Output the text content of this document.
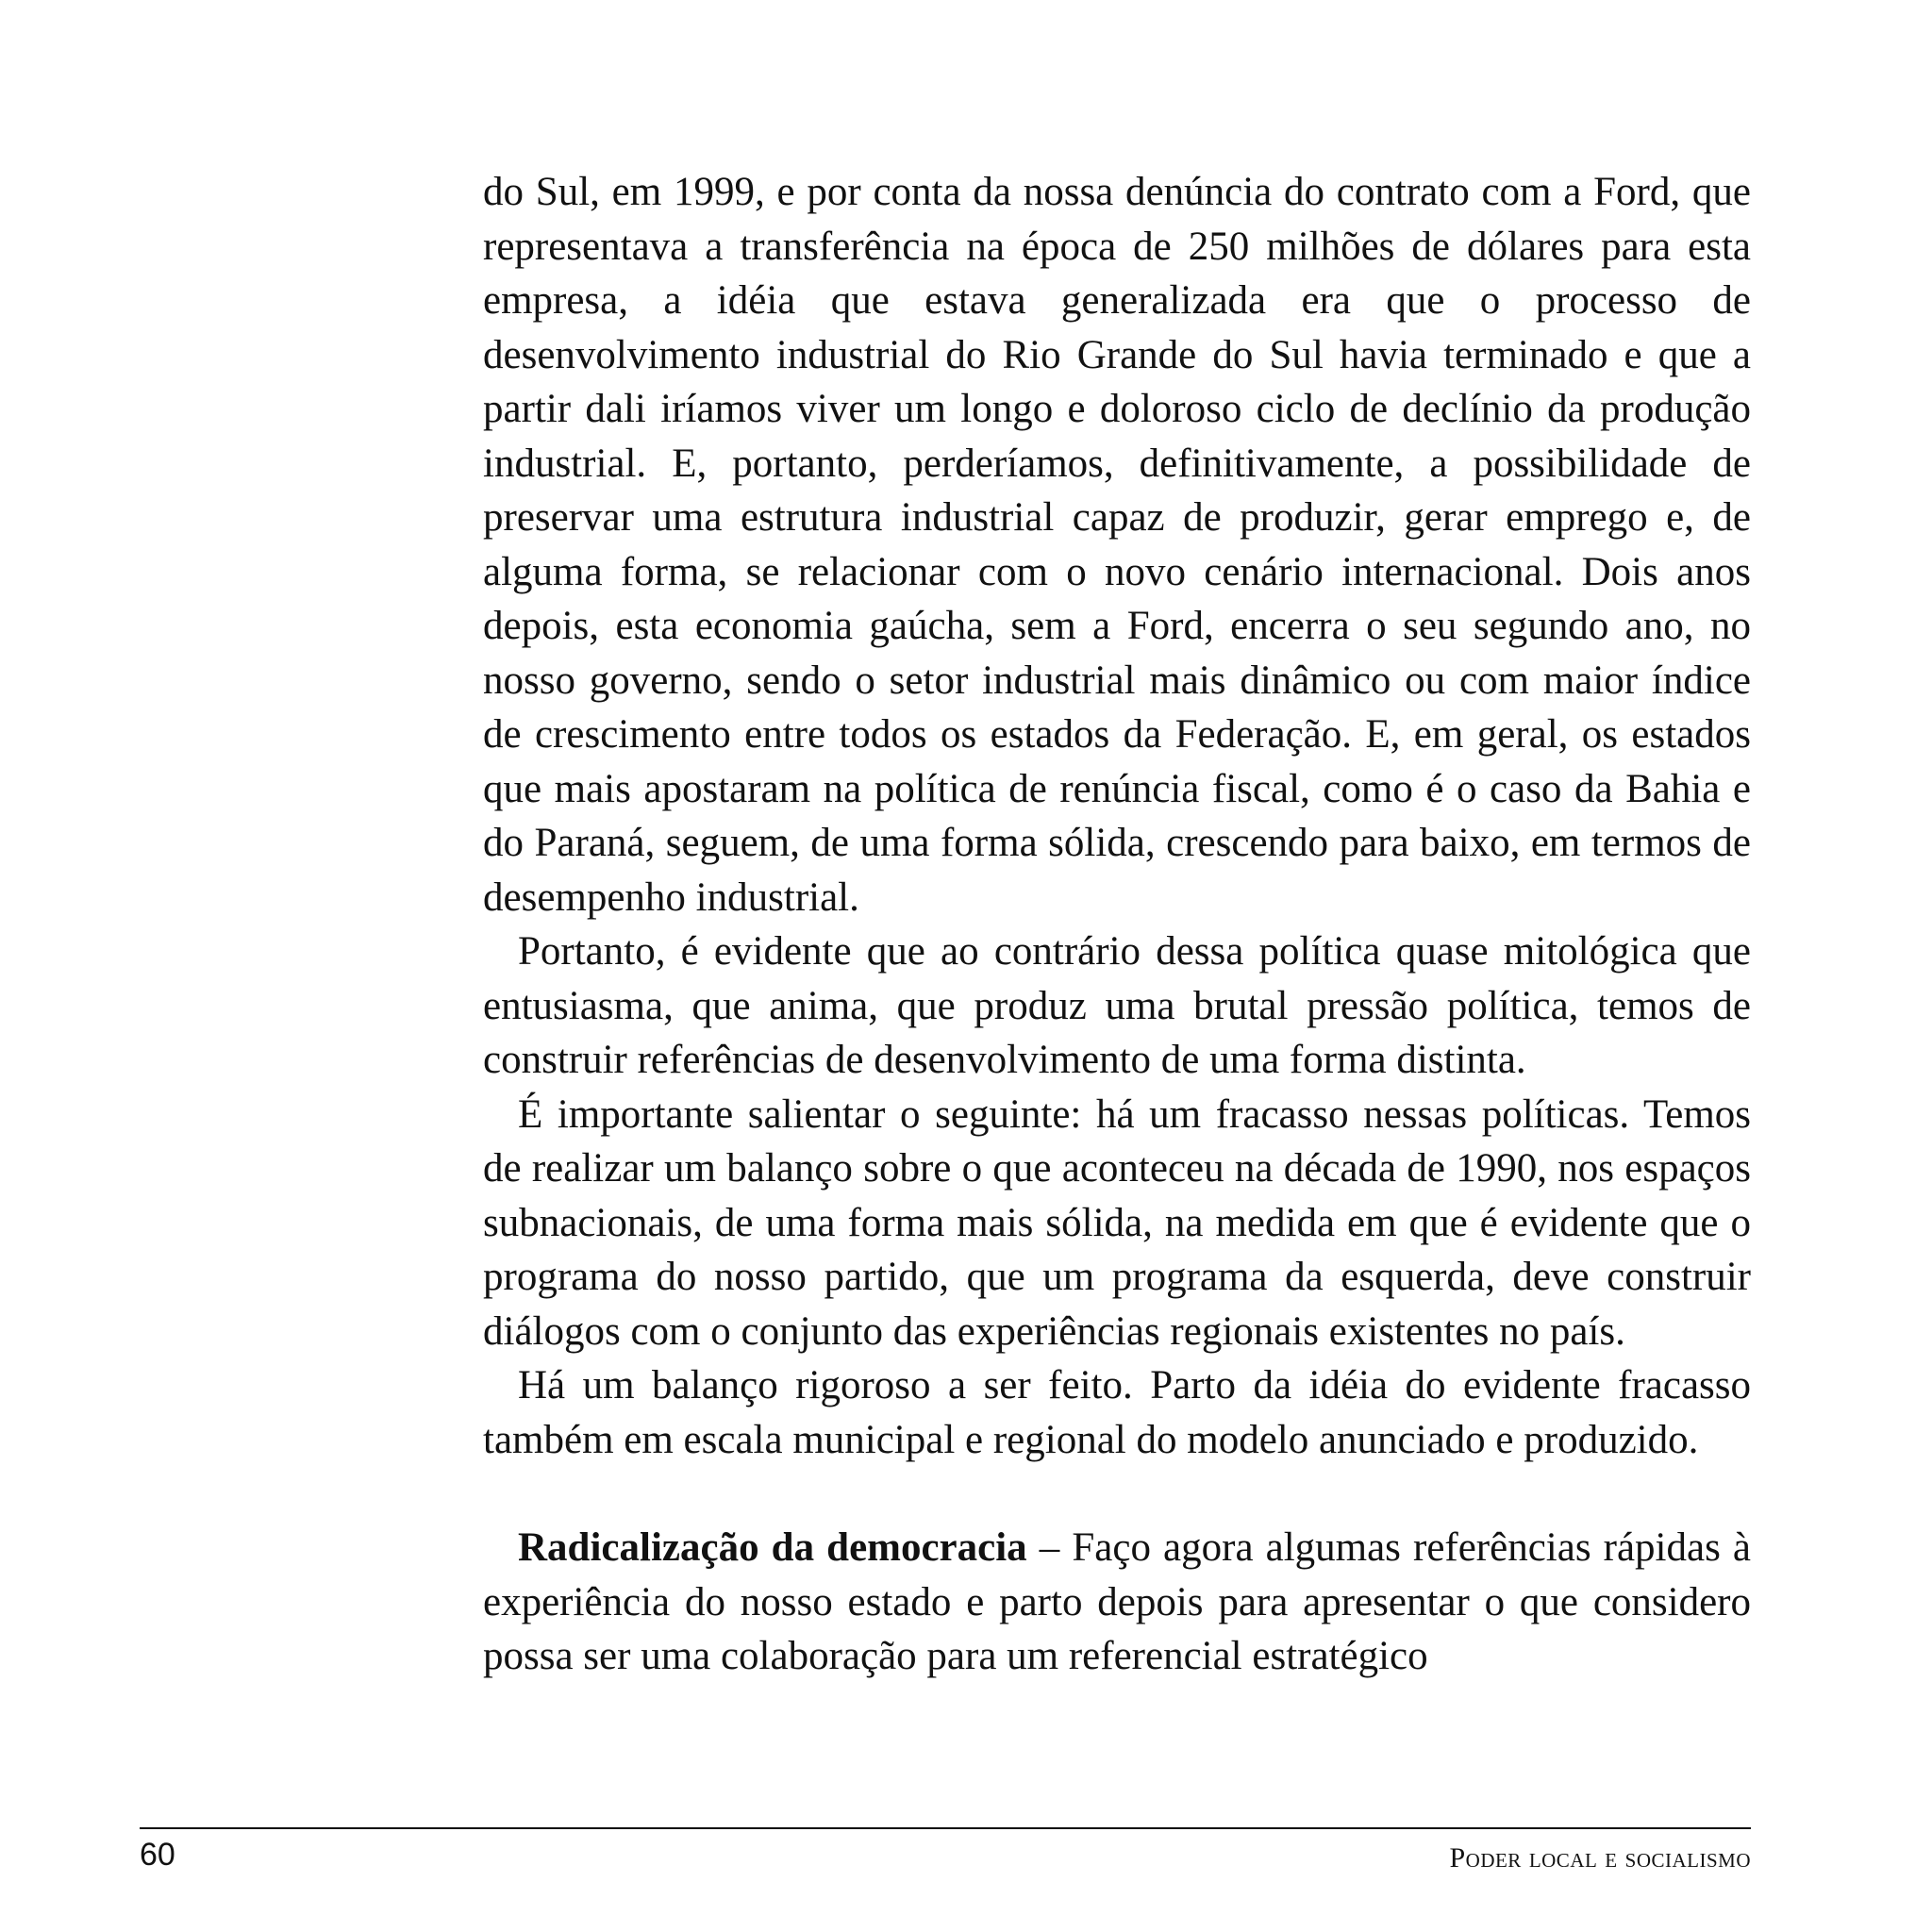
do Sul, em 1999, e por conta da nossa denúncia do contrato com a Ford, que representava a transferência na época de 250 milhões de dólares para esta empresa, a idéia que estava generalizada era que o processo de desenvolvimento industrial do Rio Grande do Sul havia terminado e que a partir dali iríamos viver um longo e doloroso ciclo de declínio da produção industrial. E, portanto, perderíamos, definitivamente, a possibilidade de preservar uma estrutura industrial capaz de produzir, gerar emprego e, de alguma forma, se relacionar com o novo cenário internacional. Dois anos depois, esta economia gaúcha, sem a Ford, encerra o seu segundo ano, no nosso governo, sendo o setor industrial mais dinâmico ou com maior índice de crescimento entre todos os estados da Federação. E, em geral, os estados que mais apostaram na política de renúncia fiscal, como é o caso da Bahia e do Paraná, seguem, de uma forma sólida, crescendo para baixo, em termos de desempenho industrial.

Portanto, é evidente que ao contrário dessa política quase mitológica que entusiasma, que anima, que produz uma brutal pressão política, temos de construir referências de desenvolvimento de uma forma distinta.

É importante salientar o seguinte: há um fracasso nessas políticas. Temos de realizar um balanço sobre o que aconteceu na década de 1990, nos espaços subnacionais, de uma forma mais sólida, na medida em que é evidente que o programa do nosso partido, que um programa da esquerda, deve construir diálogos com o conjunto das experiências regionais existentes no país.

Há um balanço rigoroso a ser feito. Parto da idéia do evidente fracasso também em escala municipal e regional do modelo anunciado e produzido.

Radicalização da democracia – Faço agora algumas referências rápidas à experiência do nosso estado e parto depois para apresentar o que considero possa ser uma colaboração para um referencial estratégico

60	Poder local e socialismo
